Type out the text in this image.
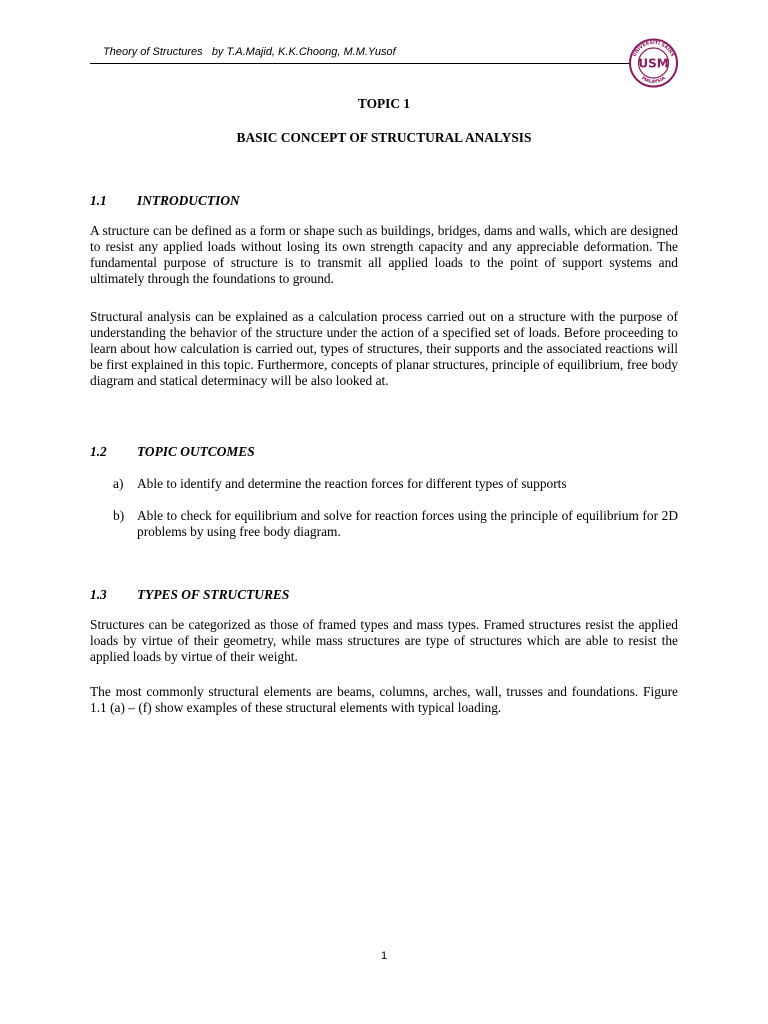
Theory of Structures   by T.A.Majid, K.K.Choong, M.M.Yusof	UNIVERSITI SAINS
MALAYSIA
USM
TOPIC 1
BASIC CONCEPT OF STRUCTURAL ANALYSIS
1.1 INTRODUCTION

A structure can be defined as a form or shape such as buildings, bridges, dams and walls, which are designed to resist any applied loads without losing its own strength capacity and any appreciable deformation. The fundamental purpose of structure is to transmit all applied loads to the point of support systems and ultimately through the foundations to ground.

Structural analysis can be explained as a calculation process carried out on a structure with the purpose of understanding the behavior of the structure under the action of a specified set of loads. Before proceeding to learn about how calculation is carried out, types of structures, their supports and the associated reactions will be first explained in this topic. Furthermore, concepts of planar structures, principle of equilibrium, free body diagram and statical determinacy will be also looked at.

1.2 TOPIC OUTCOMES
a) Able to identify and determine the reaction forces for different types of supports

b) Able to check for equilibrium and solve for reaction forces using the principle of equilibrium for 2D problems by using free body diagram.

1.3 TYPES OF STRUCTURES

Structures can be categorized as those of framed types and mass types. Framed structures resist the applied loads by virtue of their geometry, while mass structures are type of structures which are able to resist the applied loads by virtue of their weight.

The most commonly structural elements are beams, columns, arches, wall, trusses and foundations. Figure 1.1 (a) – (f) show examples of these structural elements with typical loading.

1
